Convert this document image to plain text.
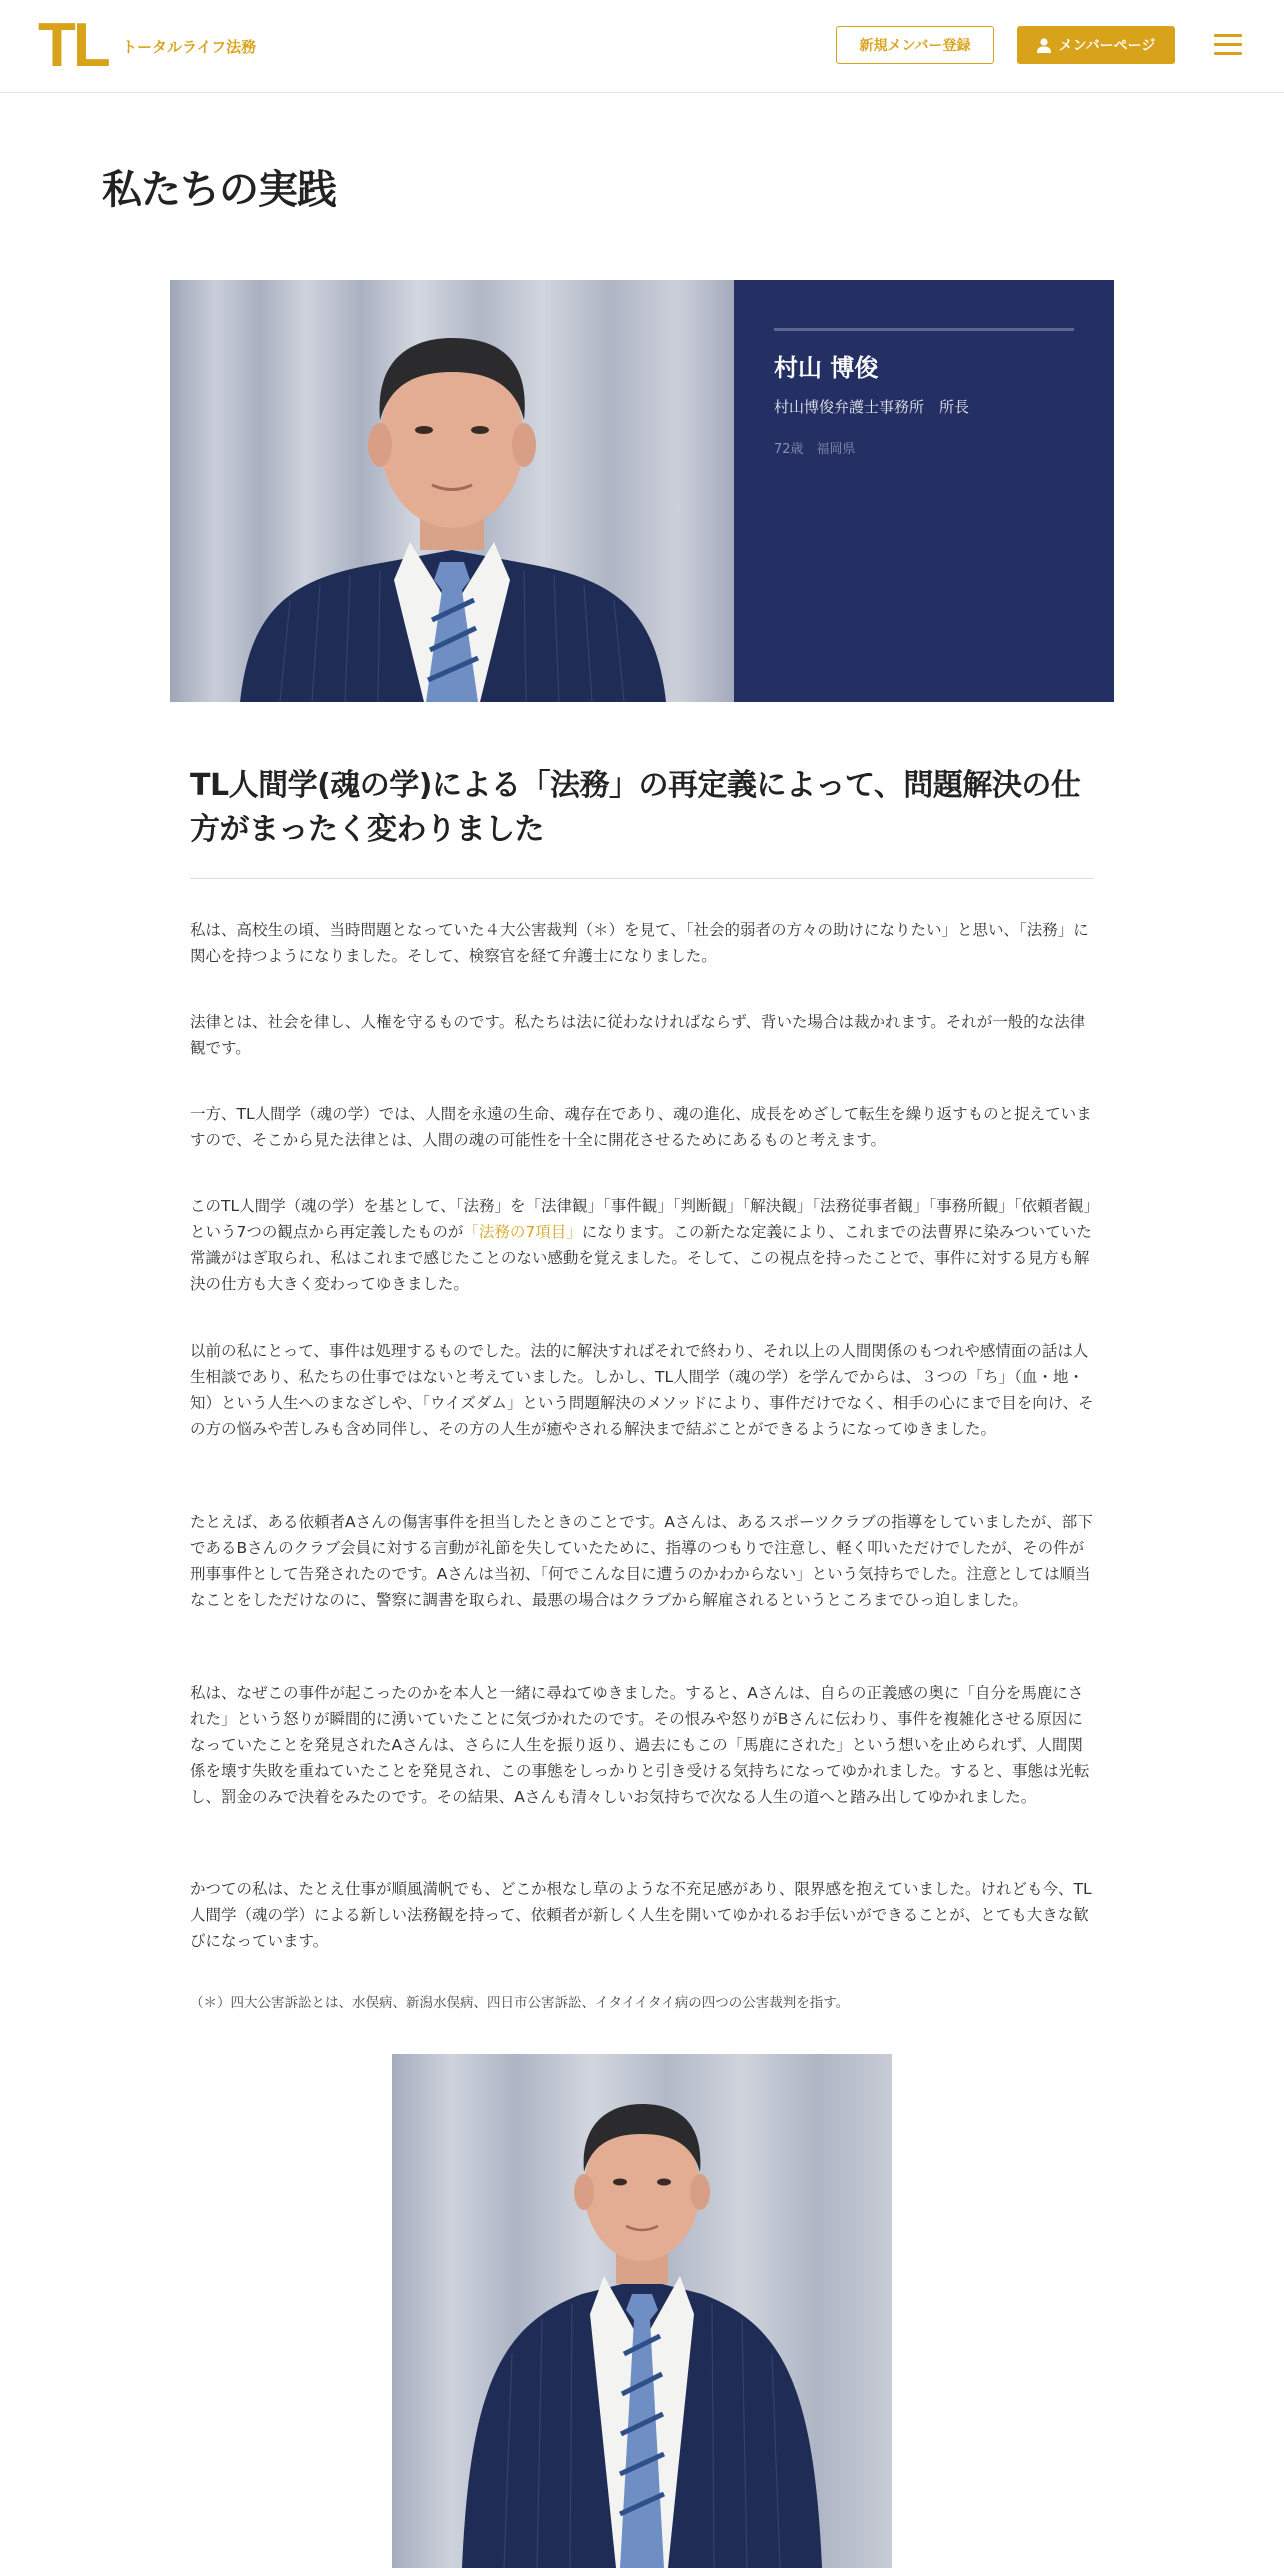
TL トータルライフ法務	新規メンバー登録	メンバーページ
私たちの実践
村山 博俊
村山博俊弁護士事務所　所長
72歳　福岡県
TL人間学(魂の学)による「法務」の再定義によって、問題解決の仕方がまったく変わりました

私は、高校生の頃、当時問題となっていた４大公害裁判（＊）を見て、「社会的弱者の方々の助けになりたい」と思い、「法務」に関心を持つようになりました。そして、検察官を経て弁護士になりました。

法律とは、社会を律し、人権を守るものです。私たちは法に従わなければならず、背いた場合は裁かれます。それが一般的な法律観です。

一方、TL人間学（魂の学）では、人間を永遠の生命、魂存在であり、魂の進化、成長をめざして転生を繰り返すものと捉えていますので、そこから見た法律とは、人間の魂の可能性を十全に開花させるためにあるものと考えます。

このTL人間学（魂の学）を基として、「法務」を「法律観」「事件観」「判断観」「解決観」「法務従事者観」「事務所観」「依頼者観」という7つの観点から再定義したものが「法務の7項目」になります。この新たな定義により、これまでの法曹界に染みついていた常識がはぎ取られ、私はこれまで感じたことのない感動を覚えました。そして、この視点を持ったことで、事件に対する見方も解決の仕方も大きく変わってゆきました。

以前の私にとって、事件は処理するものでした。法的に解決すればそれで終わり、それ以上の人間関係のもつれや感情面の話は人生相談であり、私たちの仕事ではないと考えていました。しかし、TL人間学（魂の学）を学んでからは、３つの「ち」（血・地・知）という人生へのまなざしや、「ウイズダム」という問題解決のメソッドにより、事件だけでなく、相手の心にまで目を向け、その方の悩みや苦しみも含め同伴し、その方の人生が癒やされる解決まで結ぶことができるようになってゆきました。

たとえば、ある依頼者Aさんの傷害事件を担当したときのことです。Aさんは、あるスポーツクラブの指導をしていましたが、部下であるBさんのクラブ会員に対する言動が礼節を失していたために、指導のつもりで注意し、軽く叩いただけでしたが、その件が刑事事件として告発されたのです。Aさんは当初、「何でこんな目に遭うのかわからない」という気持ちでした。注意としては順当なことをしただけなのに、警察に調書を取られ、最悪の場合はクラブから解雇されるというところまでひっ迫しました。

私は、なぜこの事件が起こったのかを本人と一緒に尋ねてゆきました。すると、Aさんは、自らの正義感の奥に「自分を馬鹿にされた」という怒りが瞬間的に湧いていたことに気づかれたのです。その恨みや怒りがBさんに伝わり、事件を複雑化させる原因になっていたことを発見されたAさんは、さらに人生を振り返り、過去にもこの「馬鹿にされた」という想いを止められず、人間関係を壊す失敗を重ねていたことを発見され、この事態をしっかりと引き受ける気持ちになってゆかれました。すると、事態は光転し、罰金のみで決着をみたのです。その結果、Aさんも清々しいお気持ちで次なる人生の道へと踏み出してゆかれました。

かつての私は、たとえ仕事が順風満帆でも、どこか根なし草のような不充足感があり、限界感を抱えていました。けれども今、TL人間学（魂の学）による新しい法務観を持って、依頼者が新しく人生を開いてゆかれるお手伝いができることが、とても大きな歓びになっています。

（＊）四大公害訴訟とは、水俣病、新潟水俣病、四日市公害訴訟、イタイイタイ病の四つの公害裁判を指す。
